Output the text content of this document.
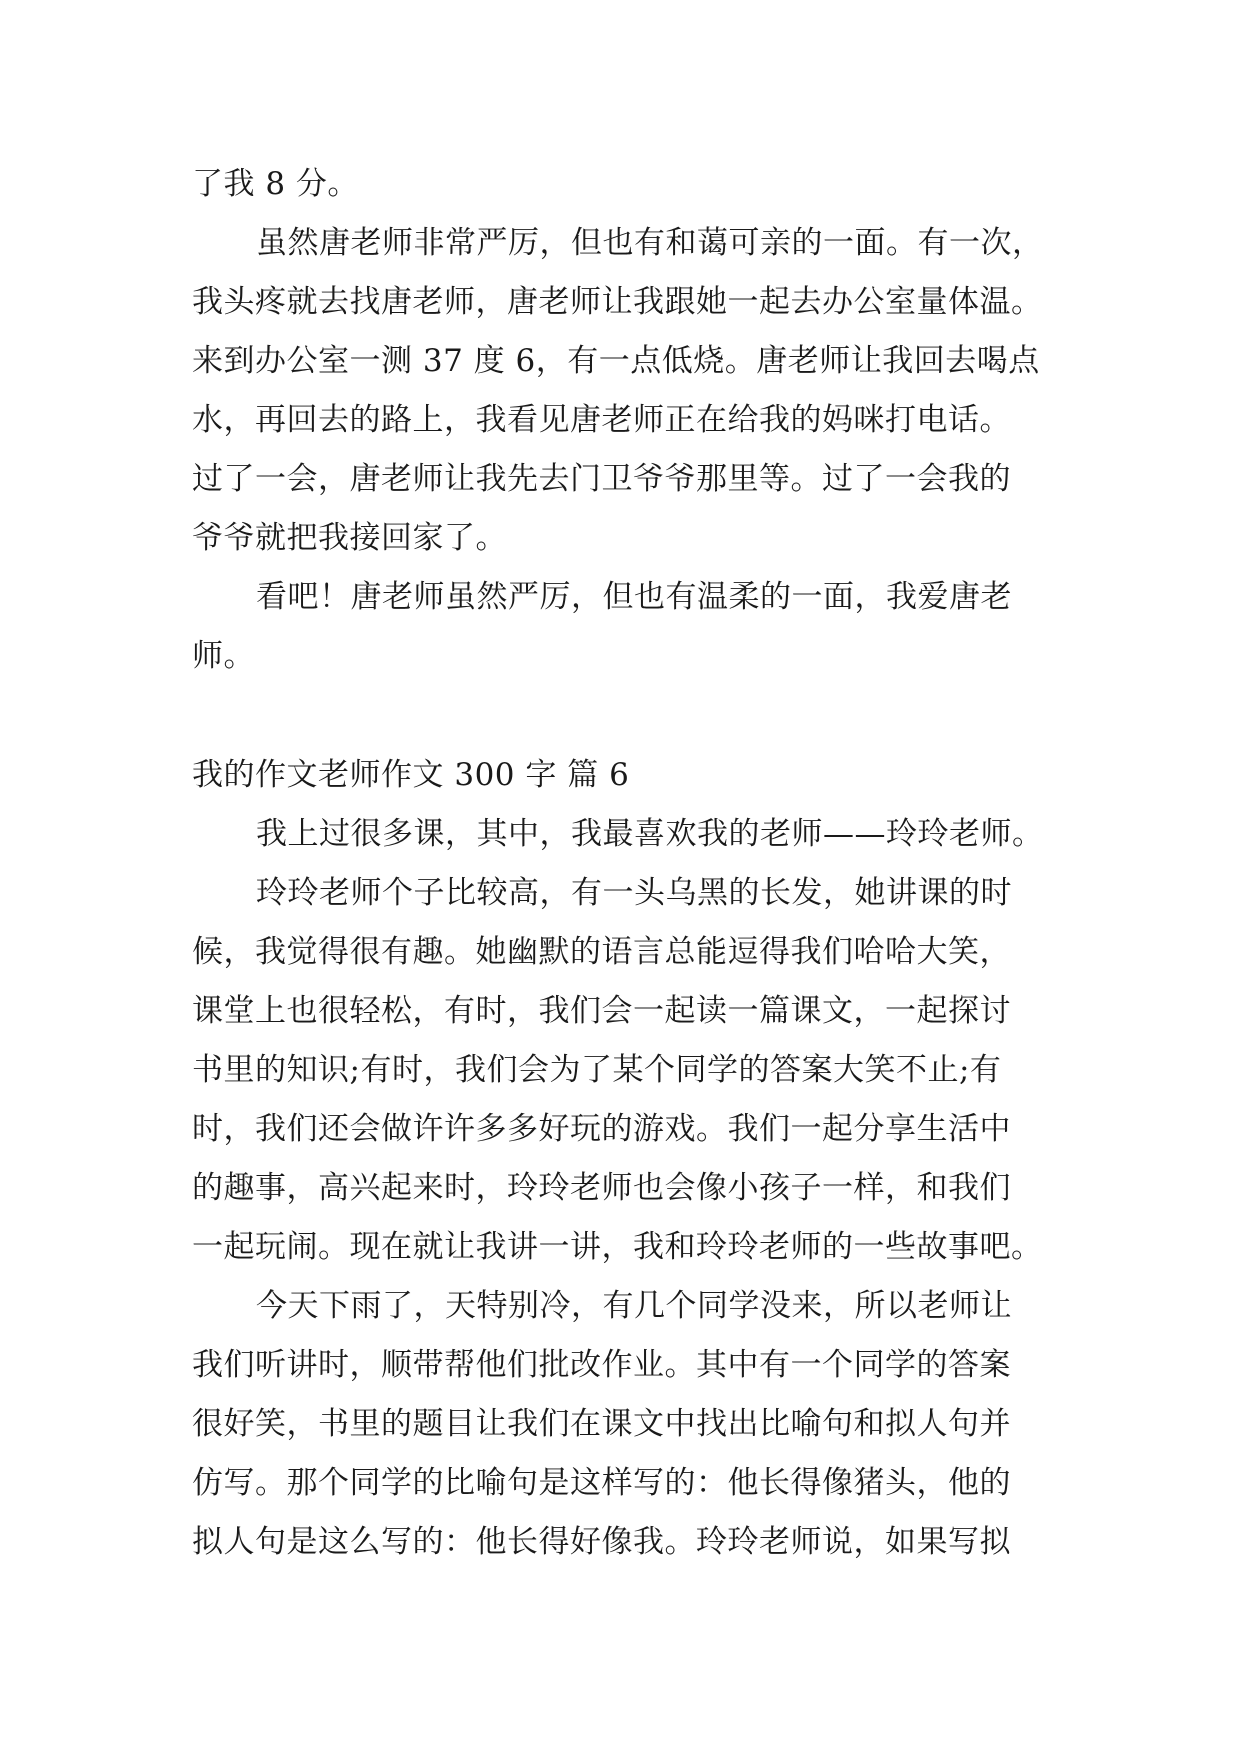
了我 8 分。
虽然唐老师非常严厉，但也有和蔼可亲的一面。有一次，
我头疼就去找唐老师，唐老师让我跟她一起去办公室量体温。
来到办公室一测 37 度 6，有一点低烧。唐老师让我回去喝点
水，再回去的路上，我看见唐老师正在给我的妈咪打电话。
过了一会，唐老师让我先去门卫爷爷那里等。过了一会我的
爷爷就把我接回家了。
看吧！唐老师虽然严厉，但也有温柔的一面，我爱唐老
师。
我的作文老师作文 300 字 篇 6
我上过很多课，其中，我最喜欢我的老师——玲玲老师。
玲玲老师个子比较高，有一头乌黑的长发，她讲课的时
候，我觉得很有趣。她幽默的语言总能逗得我们哈哈大笑，
课堂上也很轻松，有时，我们会一起读一篇课文，一起探讨
书里的知识;有时，我们会为了某个同学的答案大笑不止;有
时，我们还会做许许多多好玩的游戏。我们一起分享生活中
的趣事，高兴起来时，玲玲老师也会像小孩子一样，和我们
一起玩闹。现在就让我讲一讲，我和玲玲老师的一些故事吧。
今天下雨了，天特别冷，有几个同学没来，所以老师让
我们听讲时，顺带帮他们批改作业。其中有一个同学的答案
很好笑，书里的题目让我们在课文中找出比喻句和拟人句并
仿写。那个同学的比喻句是这样写的：他长得像猪头，他的
拟人句是这么写的：他长得好像我。玲玲老师说，如果写拟
